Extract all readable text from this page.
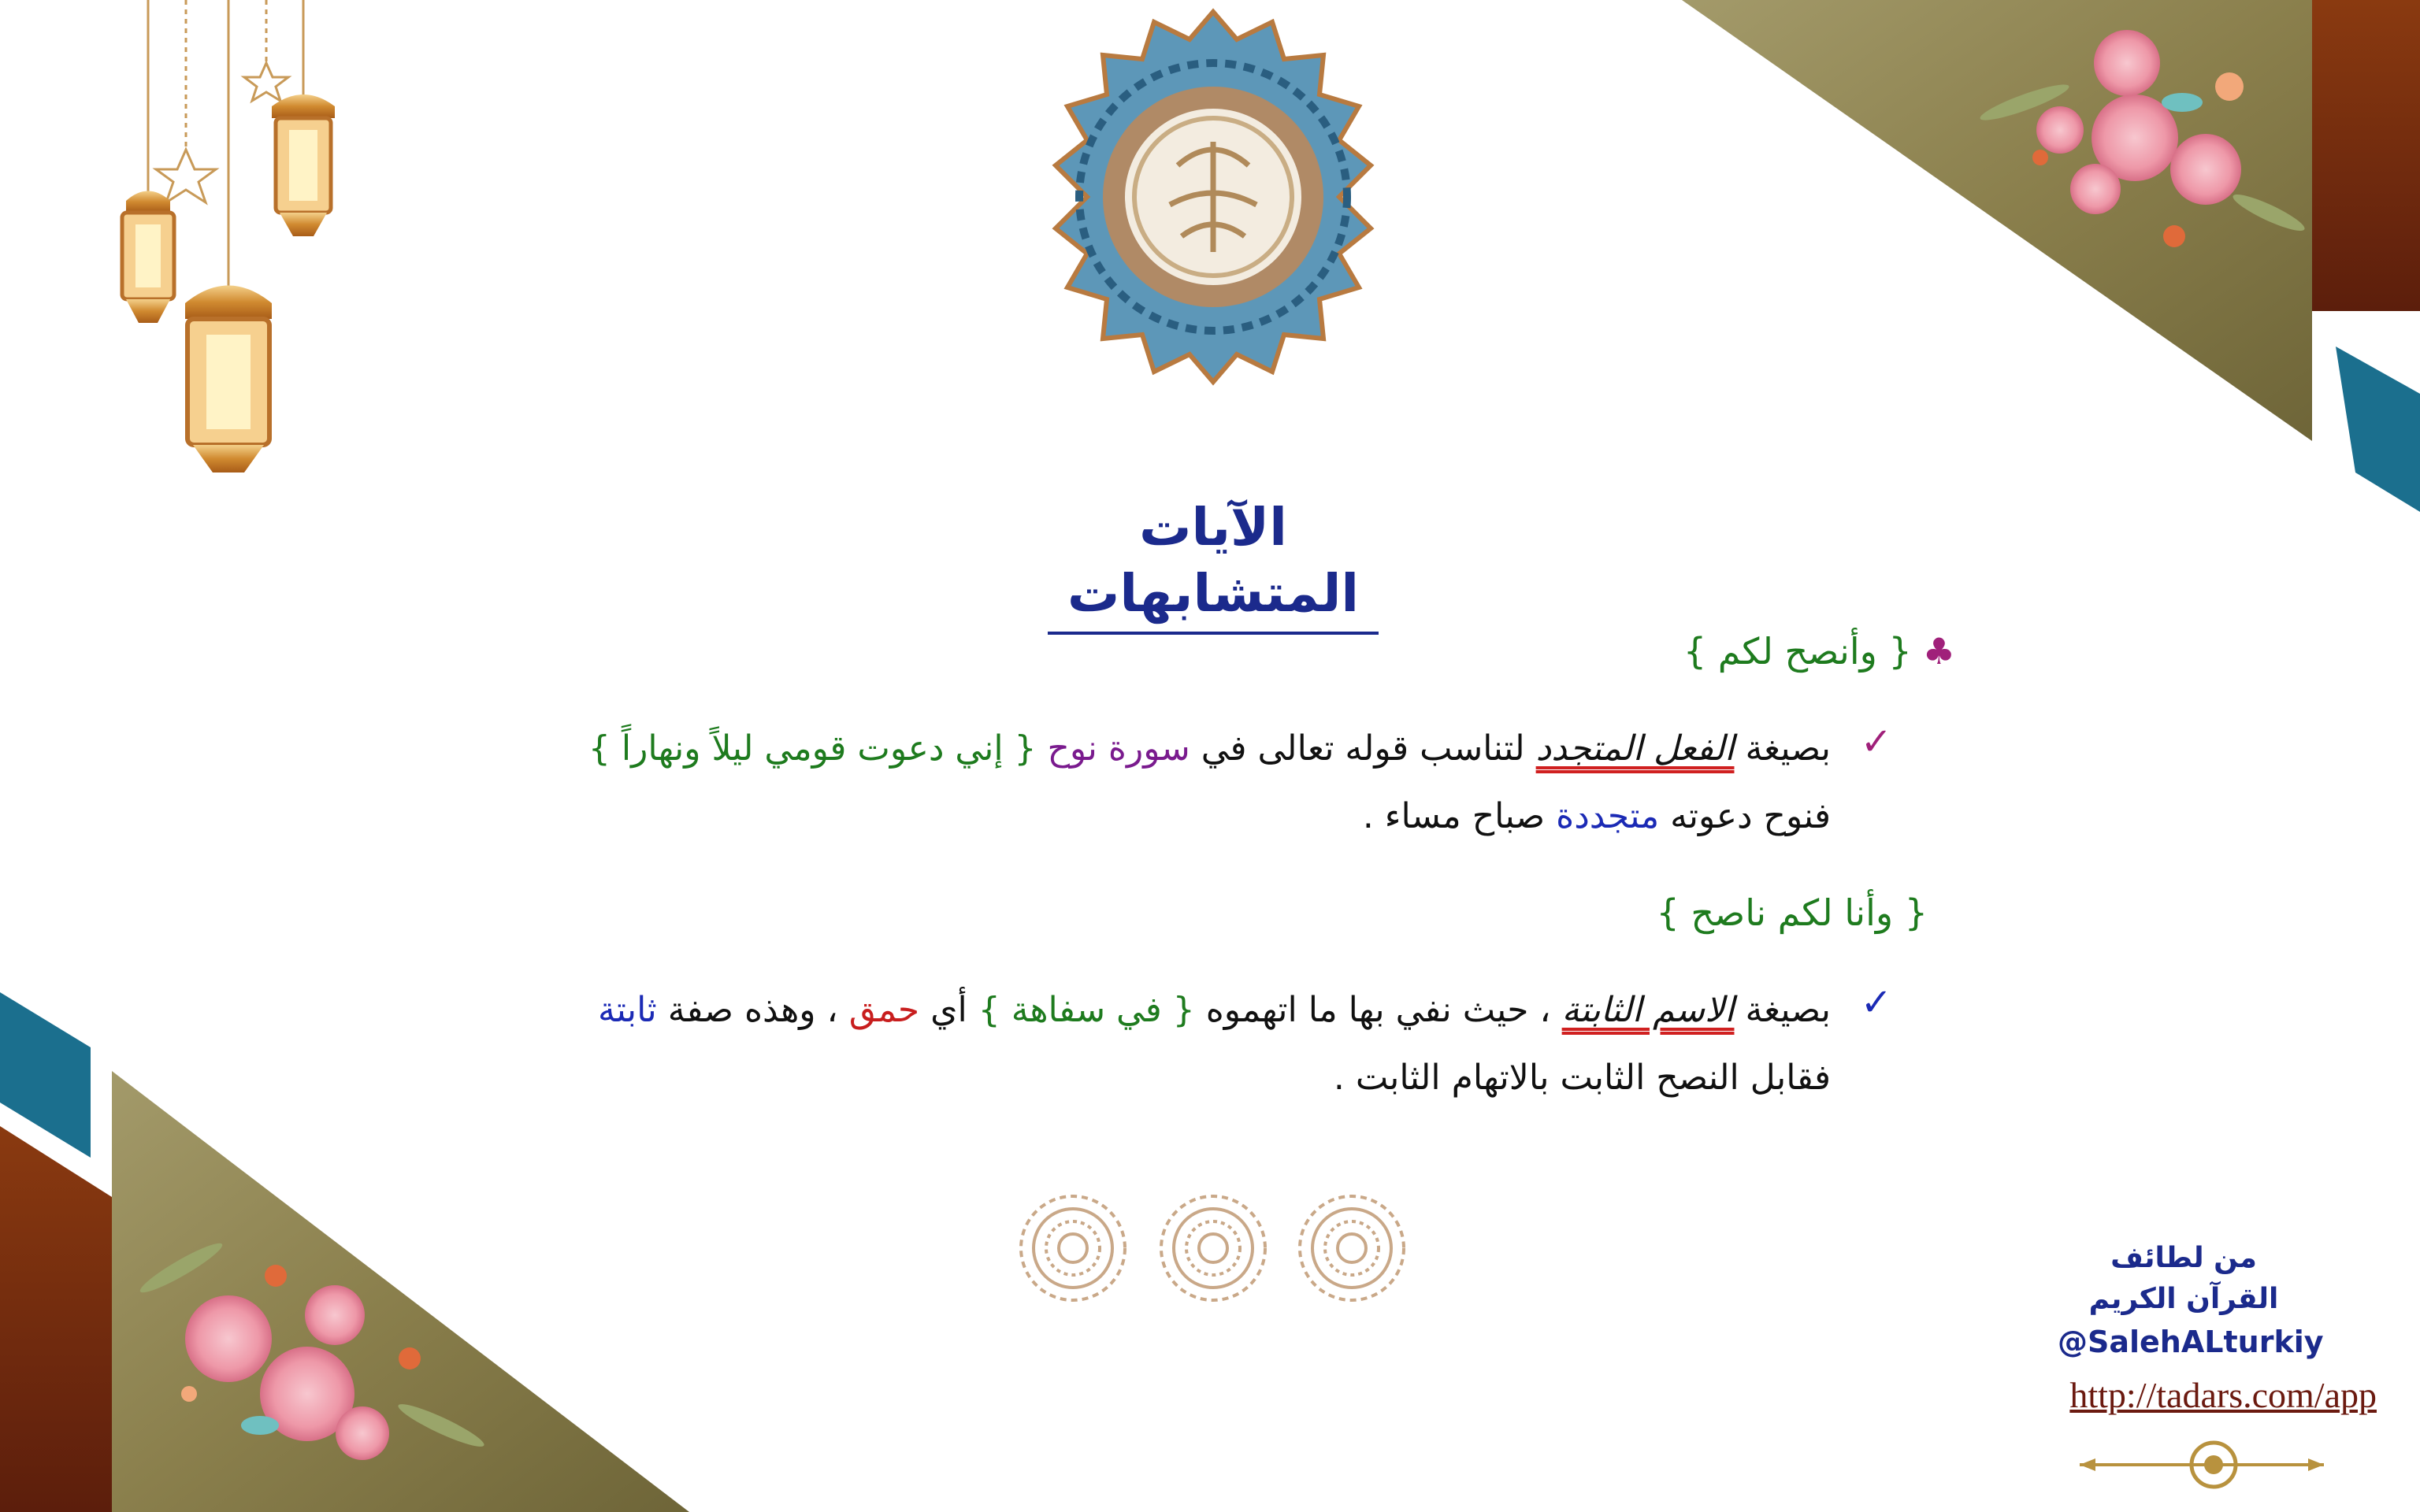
الآيات المتشابهات
♣{ وأنصح لكم }
✓
بصيغة الفعل المتجدد لتناسب قوله تعالى في سورة نوح { إني دعوت قومي ليلاً ونهاراً }
فنوح دعوته متجددة صباح مساء .
{ وأنا لكم ناصح }
✓
بصيغة الاسم الثابتة ، حيث نفي بها ما اتهموه { في سفاهة } أي حمق ، وهذه صفة ثابتة
فقابل النصح الثابت بالاتهام الثابت .
من لطائف
القرآن الكريم
@SalehALturkiy
http://tadars.com/app
